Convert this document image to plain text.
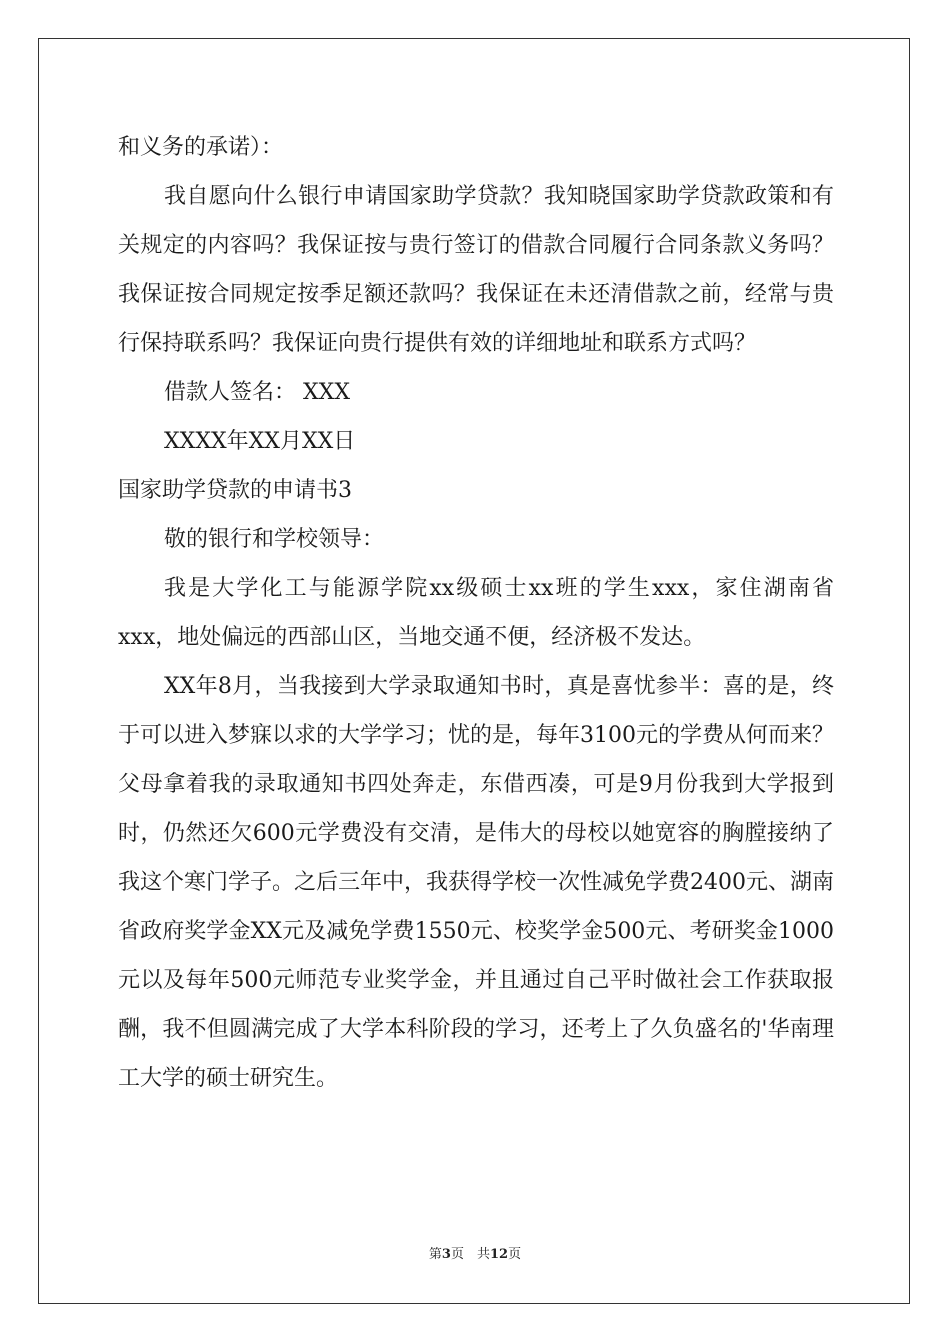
和义务的承诺）：

我自愿向什么银行申请国家助学贷款？我知晓国家助学贷款政策和有关规定的内容吗？我保证按与贵行签订的借款合同履行合同条款义务吗？我保证按合同规定按季足额还款吗？我保证在未还清借款之前，经常与贵行保持联系吗？我保证向贵行提供有效的详细地址和联系方式吗？

借款人签名： XXX

XXXX年XX月XX日

国家助学贷款的申请书3

敬的银行和学校领导：

我是大学化工与能源学院xx级硕士xx班的学生xxx，家住湖南省xxx，地处偏远的西部山区，当地交通不便，经济极不发达。

XX年8月，当我接到大学录取通知书时，真是喜忧参半：喜的是，终于可以进入梦寐以求的大学学习；忧的是，每年3100元的学费从何而来？父母拿着我的录取通知书四处奔走，东借西凑，可是9月份我到大学报到时，仍然还欠600元学费没有交清，是伟大的母校以她宽容的胸膛接纳了我这个寒门学子。之后三年中，我获得学校一次性减免学费2400元、湖南省政府奖学金XX元及减免学费1550元、校奖学金500元、考研奖金1000元以及每年500元师范专业奖学金，并且通过自己平时做社会工作获取报酬，我不但圆满完成了大学本科阶段的学习，还考上了久负盛名的'华南理工大学的硕士研究生。

第3页　共12页
